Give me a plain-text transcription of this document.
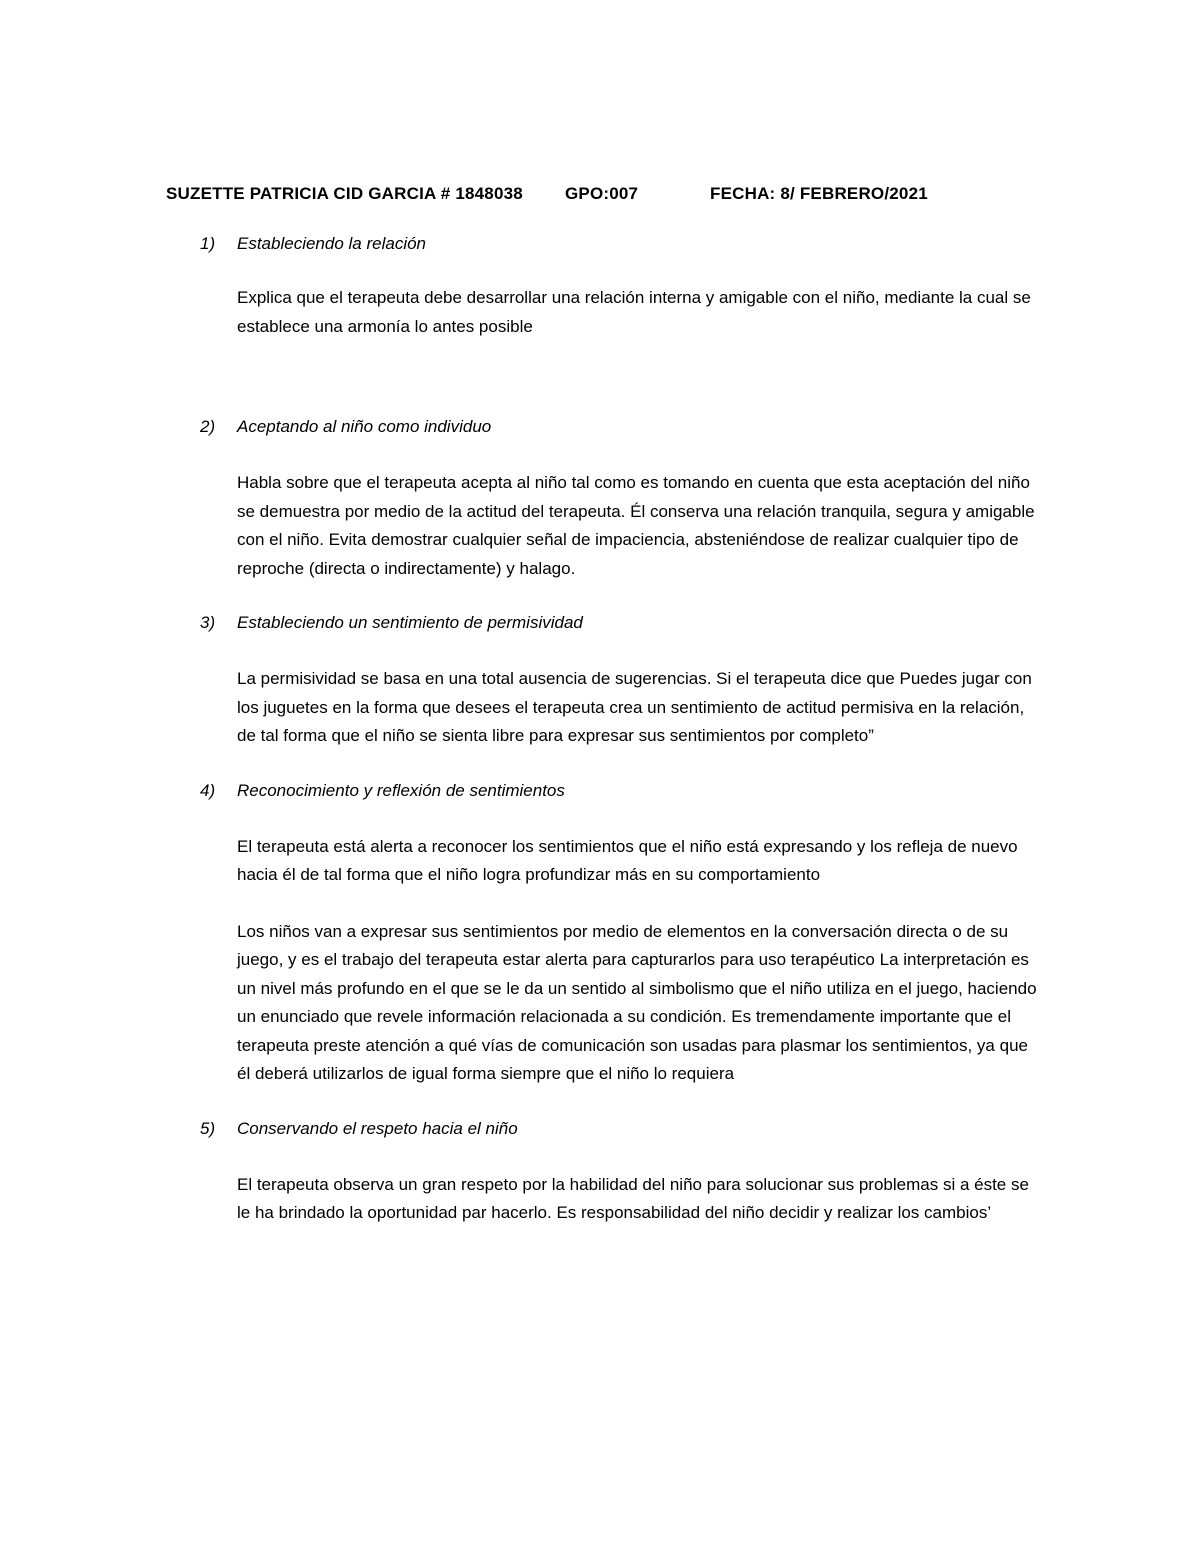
SUZETTE PATRICIA CID GARCIA # 1848038 GPO:007	FECHA: 8/ FEBRERO/2021
1) Estableciendo la relación

Explica que el terapeuta debe desarrollar una relación interna y amigable con el niño, mediante la cual se establece una armonía lo antes posible

2) Aceptando al niño como individuo

Habla sobre que el terapeuta acepta al niño tal como es tomando en cuenta que esta aceptación del niño se demuestra por medio de la actitud del terapeuta. Él conserva una relación tranquila, segura y amigable con el niño. Evita demostrar cualquier señal de impaciencia, absteniéndose de realizar cualquier tipo de reproche (directa o indirectamente) y halago.

3) Estableciendo un sentimiento de permisividad

La permisividad se basa en una total ausencia de sugerencias. Si el terapeuta dice que Puedes jugar con los juguetes en la forma que desees el terapeuta crea un sentimiento de actitud permisiva en la relación, de tal forma que el niño se sienta libre para expresar sus sentimientos por completo”

4) Reconocimiento y reflexión de sentimientos

El terapeuta está alerta a reconocer los sentimientos que el niño está expresando y los refleja de nuevo hacia él de tal forma que el niño logra profundizar más en su comportamiento

Los niños van a expresar sus sentimientos por medio de elementos en la conversación directa o de su juego, y es el trabajo del terapeuta estar alerta para capturarlos para uso terapéutico La interpretación es un nivel más profundo en el que se le da un sentido al simbolismo que el niño utiliza en el juego, haciendo un enunciado que revele información relacionada a su condición. Es tremendamente importante que el terapeuta preste atención a qué vías de comunicación son usadas para plasmar los sentimientos, ya que él deberá utilizarlos de igual forma siempre que el niño lo requiera

5) Conservando el respeto hacia el niño

El terapeuta observa un gran respeto por la habilidad del niño para solucionar sus problemas si a éste se le ha brindado la oportunidad par hacerlo. Es responsabilidad del niño decidir y realizar los cambios’
